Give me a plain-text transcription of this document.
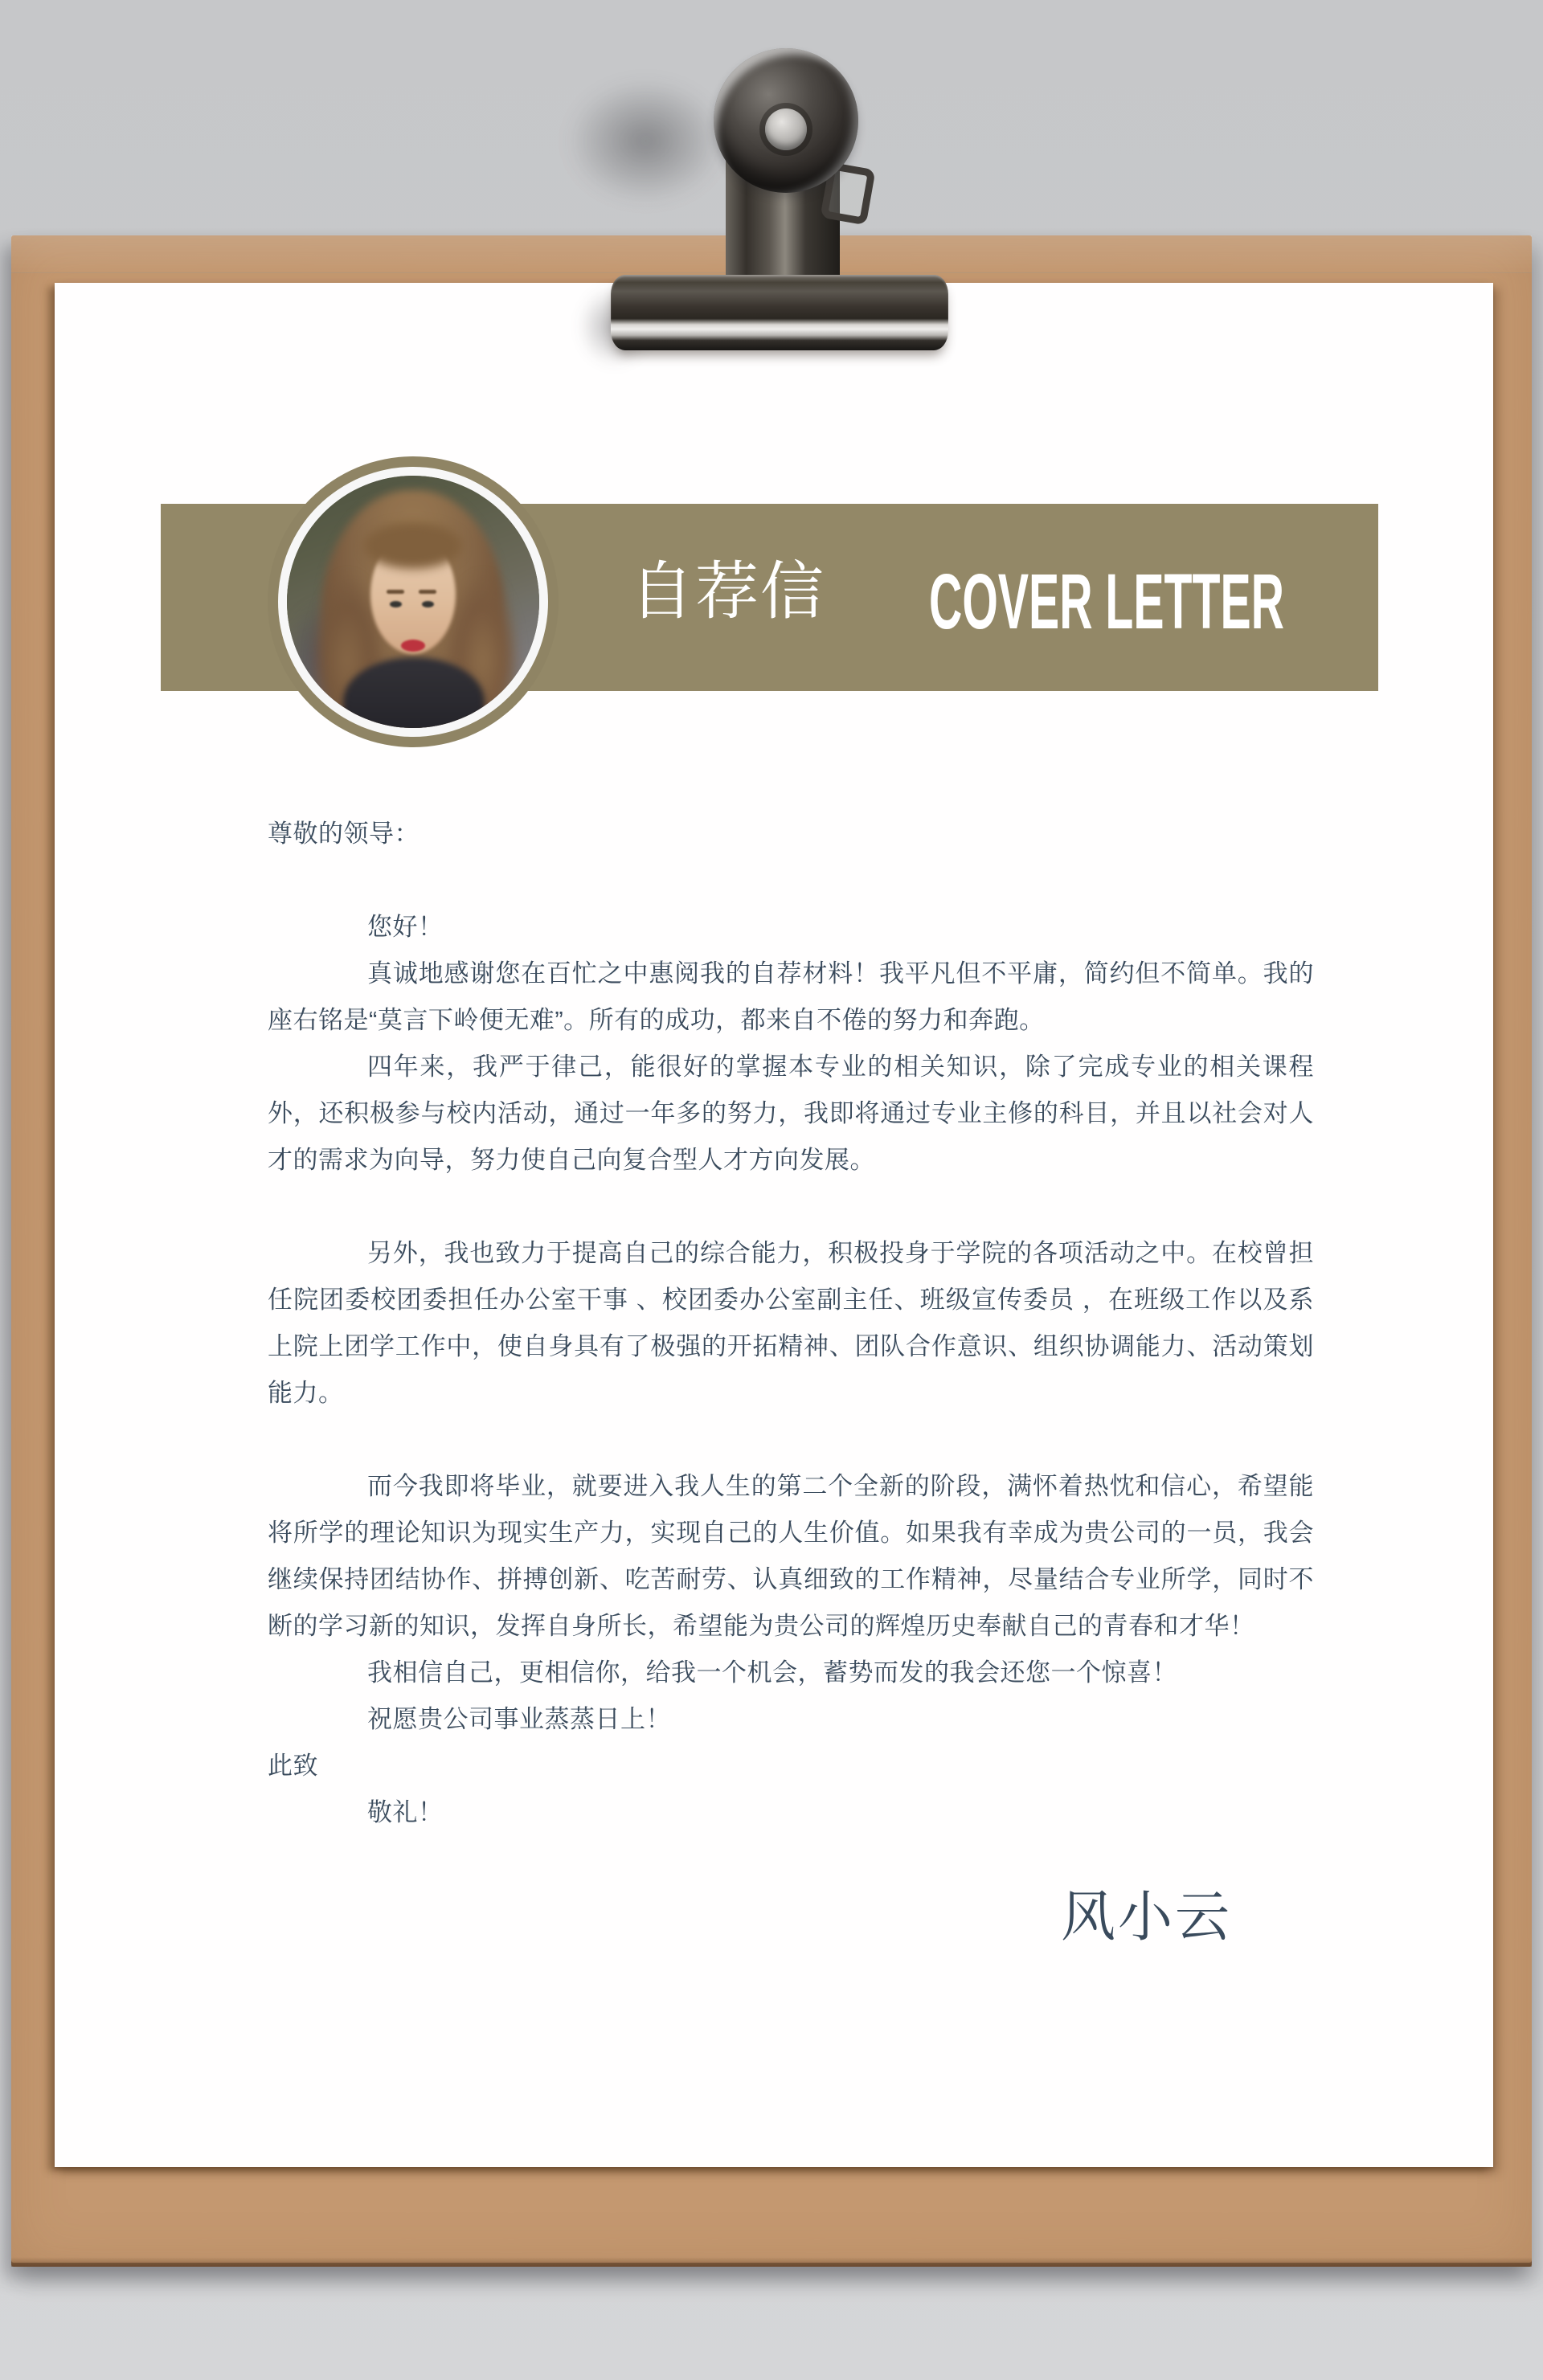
自荐信 COVER LETTER

尊敬的领导：

您好！

真诚地感谢您在百忙之中惠阅我的自荐材料！我平凡但不平庸，简约但不简单。我的座右铭是“莫言下岭便无难”。所有的成功，都来自不倦的努力和奔跑。

四年来，我严于律己，能很好的掌握本专业的相关知识，除了完成专业的相关课程外，还积极参与校内活动，通过一年多的努力，我即将通过专业主修的科目，并且以社会对人才的需求为向导，努力使自己向复合型人才方向发展。

另外，我也致力于提高自己的综合能力，积极投身于学院的各项活动之中。在校曾担任院团委校团委担任办公室干事 、校团委办公室副主任、班级宣传委员 ，在班级工作以及系上院上团学工作中，使自身具有了极强的开拓精神、团队合作意识、组织协调能力、活动策划能力。

而今我即将毕业，就要进入我人生的第二个全新的阶段，满怀着热忱和信心，希望能将所学的理论知识为现实生产力，实现自己的人生价值。如果我有幸成为贵公司的一员，我会继续保持团结协作、拼搏创新、吃苦耐劳、认真细致的工作精神，尽量结合专业所学，同时不断的学习新的知识，发挥自身所长，希望能为贵公司的辉煌历史奉献自己的青春和才华！

我相信自己，更相信你，给我一个机会，蓄势而发的我会还您一个惊喜！

祝愿贵公司事业蒸蒸日上！

此致

敬礼！

风小云
